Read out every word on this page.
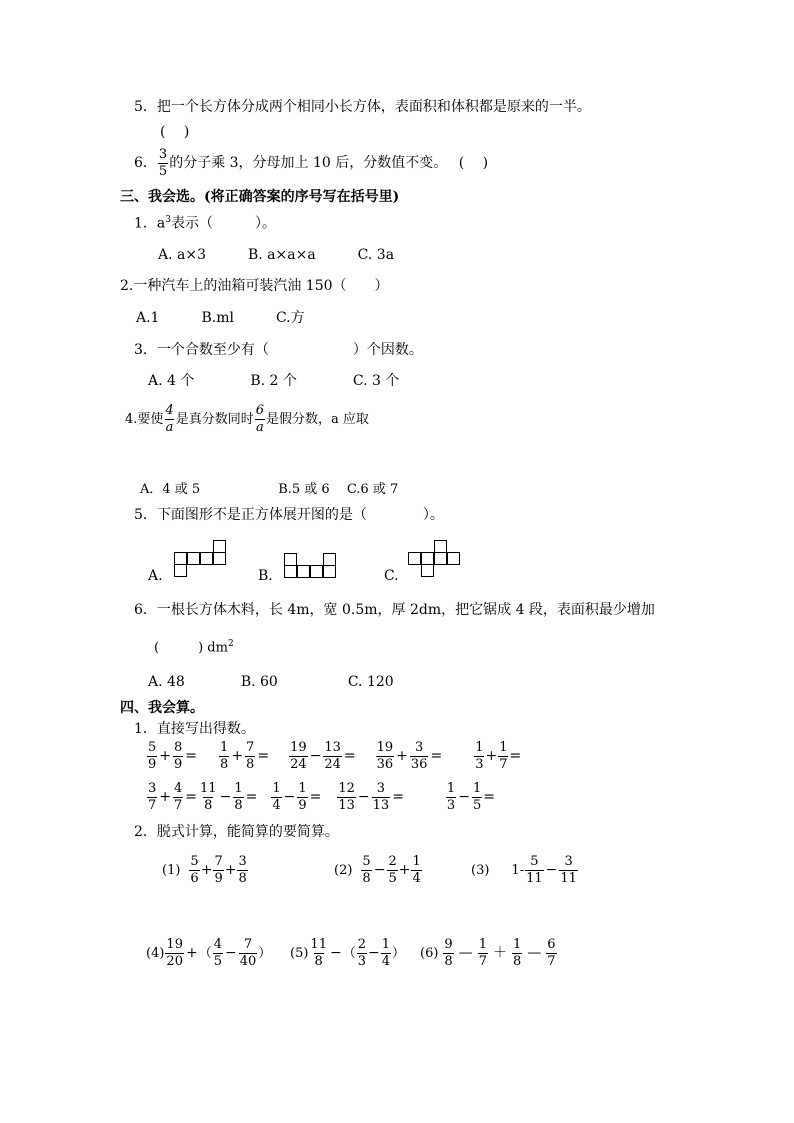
5．把一个长方体分成两个相同小长方体，表面积和体积都是原来的一半。
(　 )
6． $\frac{3}{5}$ 的分子乘 3，分母加上 10 后，分数值不变。　 (　 )
三、我会选。(将正确答案的序号写在括号里)
1．$a^3$表示（　　　）。
A. a×3　　　B. a×a×a　　　C. 3a
2.一种汽车上的油箱可装汽油 150（　　）
A.1　　　B.ml　　　C.方
3．一个合数至少有（　　　　　　）个因数。
A. 4 个　　　　B. 2 个　　　　C. 3 个
4.要使 $\frac{4}{a}$ 是真分数同时 $\frac{6}{a}$ 是假分数，a 应取
A．4 或 5　　　　　　B.5 或 6　 C.6 或 7
5．下面图形不是正方体展开图的是（　　　　）。
A.	B.	C.
6．一根长方体木料，长 4m，宽 0.5m，厚 2dm，把它锯成 4 段，表面积最少增加
(　　　) $dm^2$
A. 48　　　　B. 60　　　　　C. 120
四、我会算。
1．直接写出得数。
$\frac{5}{9} + \frac{8}{9} = \frac{1}{8} + \frac{7}{8} = \frac{19}{24} - \frac{13}{24} = \frac{19}{36} + \frac{3}{36} = \frac{1}{3} + \frac{1}{7}$ =
$\frac{3}{7} + \frac{4}{7} = \frac{11}{8} - \frac{1}{8} = \frac{1}{4} - \frac{1}{9} = \frac{12}{13} - \frac{3}{13}$ =	$\frac{1}{3} - \frac{1}{5}$ =
2．脱式计算，能简算的要简算。
$(1) \frac{5}{6} + \frac{7}{9} + \frac{3}{8}$	$(2) \frac{5}{8} - \frac{2}{5} + \frac{1}{4}$	(3) $1- \frac{5}{11} - \frac{3}{11}$
$(4) \frac{19}{20}$ + （ $\frac{4}{5} - \frac{7}{40}$ ） $(5) \frac{11}{8}$ − （ $\frac{2}{3} - \frac{1}{4}$ ） $(6) \frac{9}{8}$ — $\frac{1}{7} + \frac{1}{8}$ — $\frac{6}{7}$
